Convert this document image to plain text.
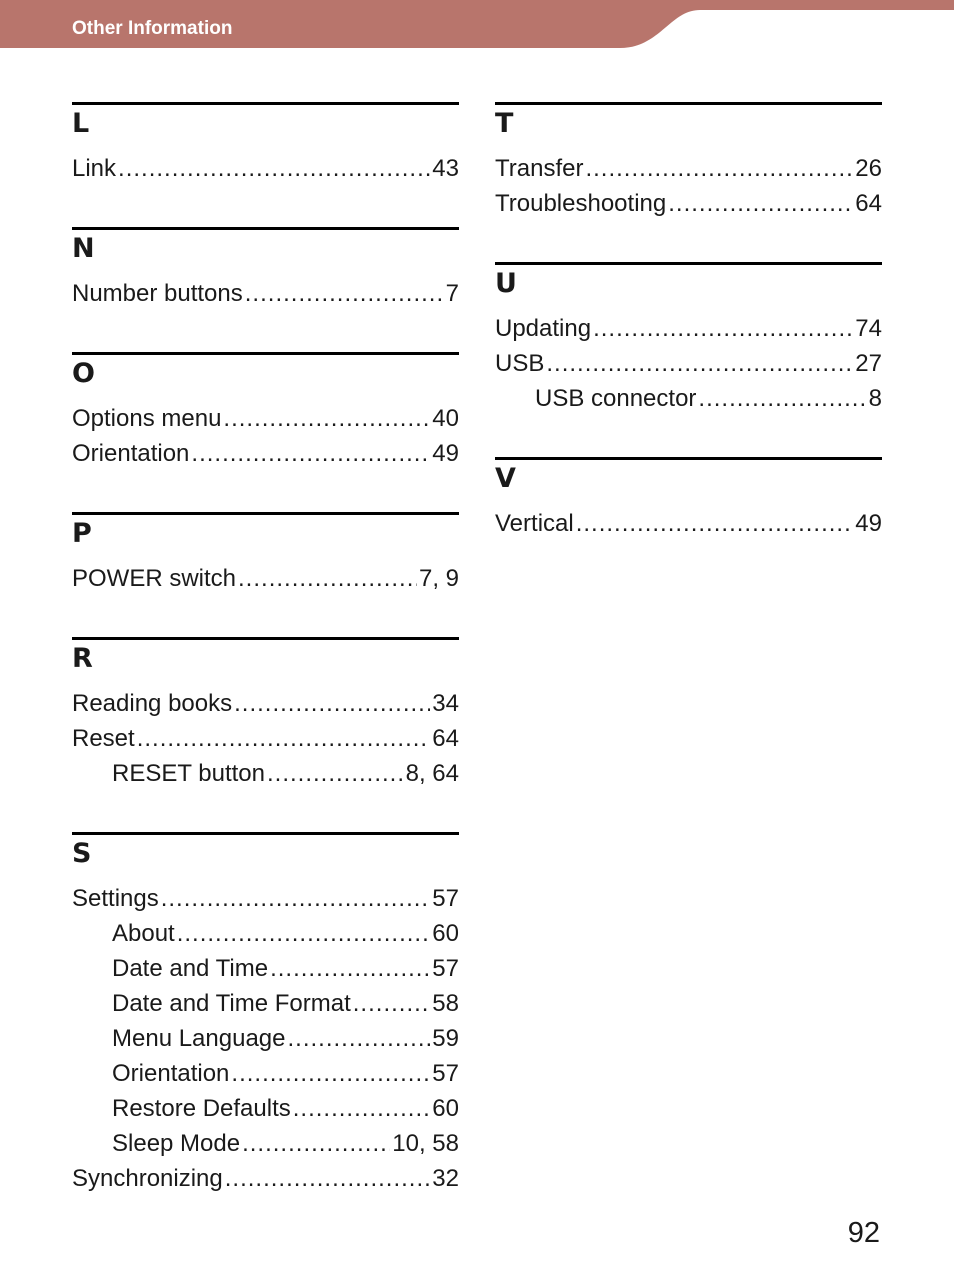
Other Information
L
Link .....	43
N
Number buttons .....	7
O
Options menu .....	40
Orientation .....	49
P
POWER switch .....	7, 9
R
Reading books .....	34
Reset .....	64
RESET button .....	8, 64
S
Settings .....	57
About .....	60
Date and Time .....	57
Date and Time Format .....	58
Menu Language .....	59
Orientation .....	57
Restore Defaults .....	60
Sleep Mode .....	10, 58
Synchronizing .....	32
T
Transfer .....	26
Troubleshooting .....	64
U
Updating .....	74
USB .....	27
USB connector .....	8
V
Vertical .....	49
92
